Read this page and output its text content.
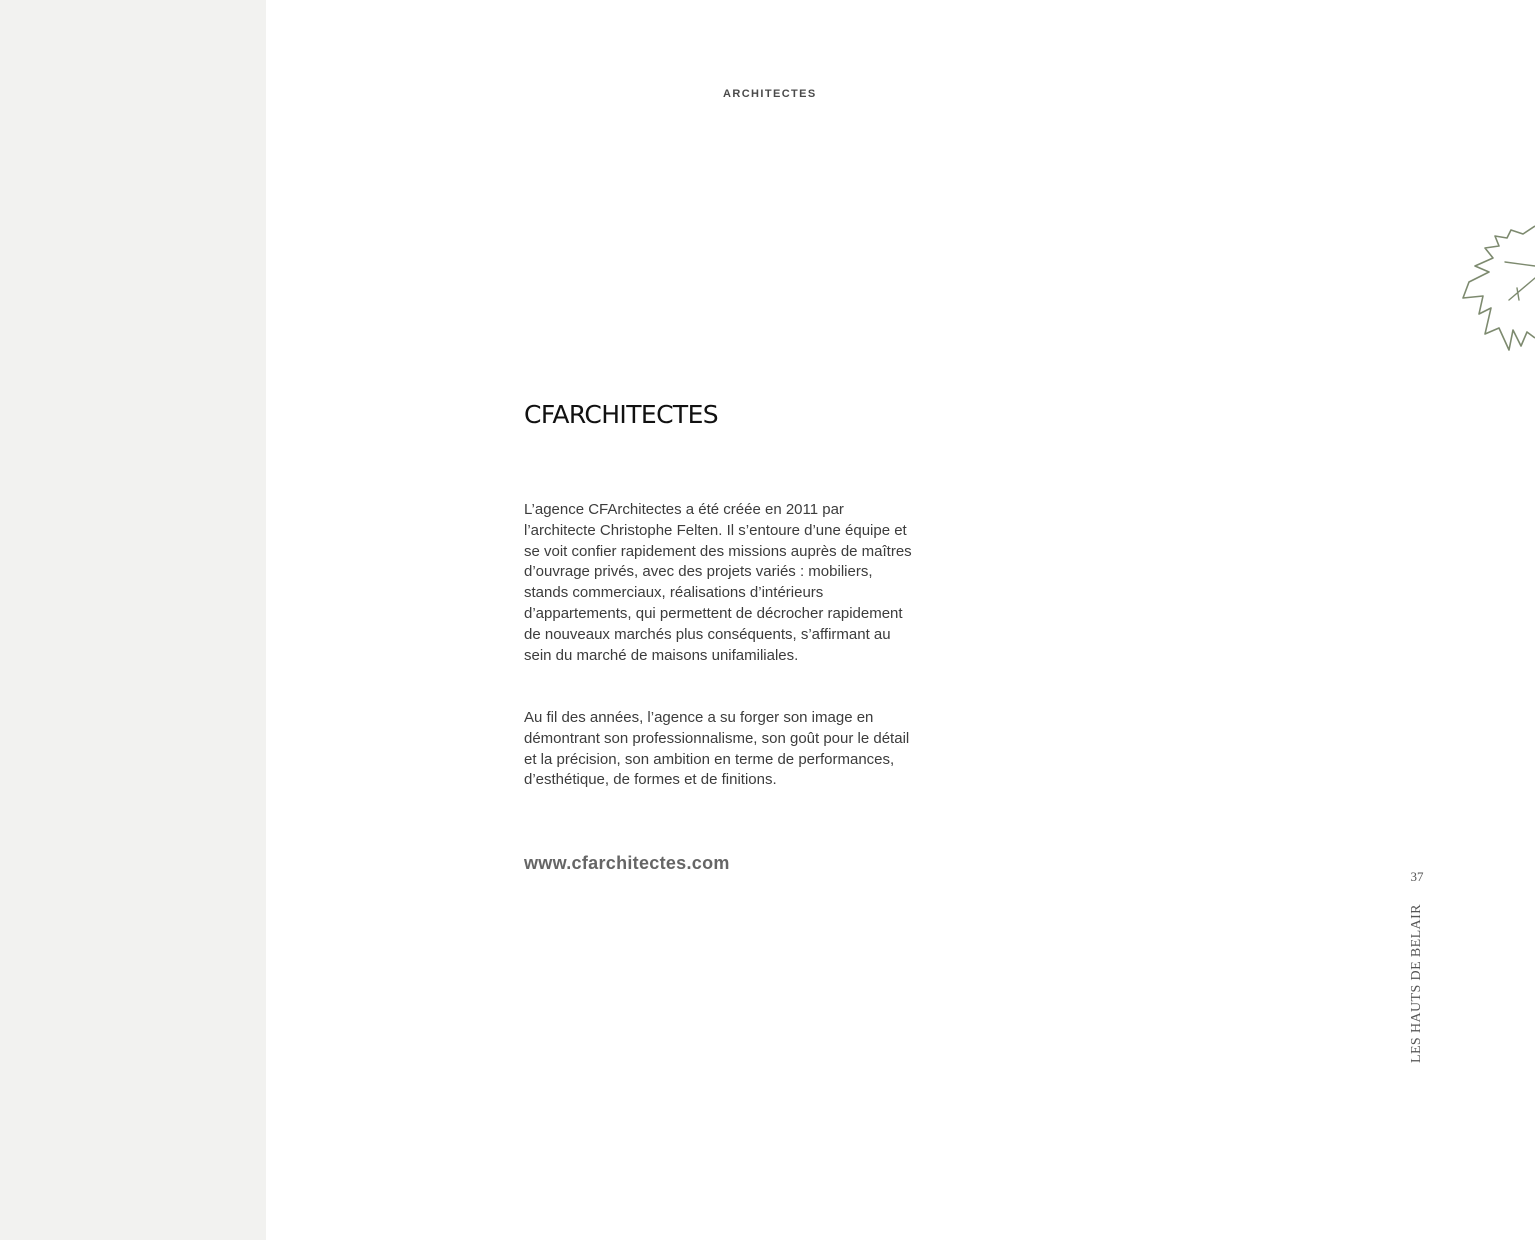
ARCHITECTES
CFARCHITECTES

L’agence CFArchitectes a été créée en 2011 par l’architecte Christophe Felten. Il s’entoure d’une équipe et se voit confier rapidement des missions auprès de maîtres d’ouvrage privés, avec des projets variés : mobiliers, stands commerciaux, réalisations d’intérieurs d’appartements, qui permettent de décrocher rapidement de nouveaux marchés plus conséquents, s’affirmant au sein du marché de maisons unifamiliales.

Au fil des années, l’agence a su forger son image en démontrant son professionnalisme, son goût pour le détail et la précision, son ambition en terme de performances, d’esthétique, de formes et de finitions.

www.cfarchitectes.com
37
LES HAUTS DE BELAIR
